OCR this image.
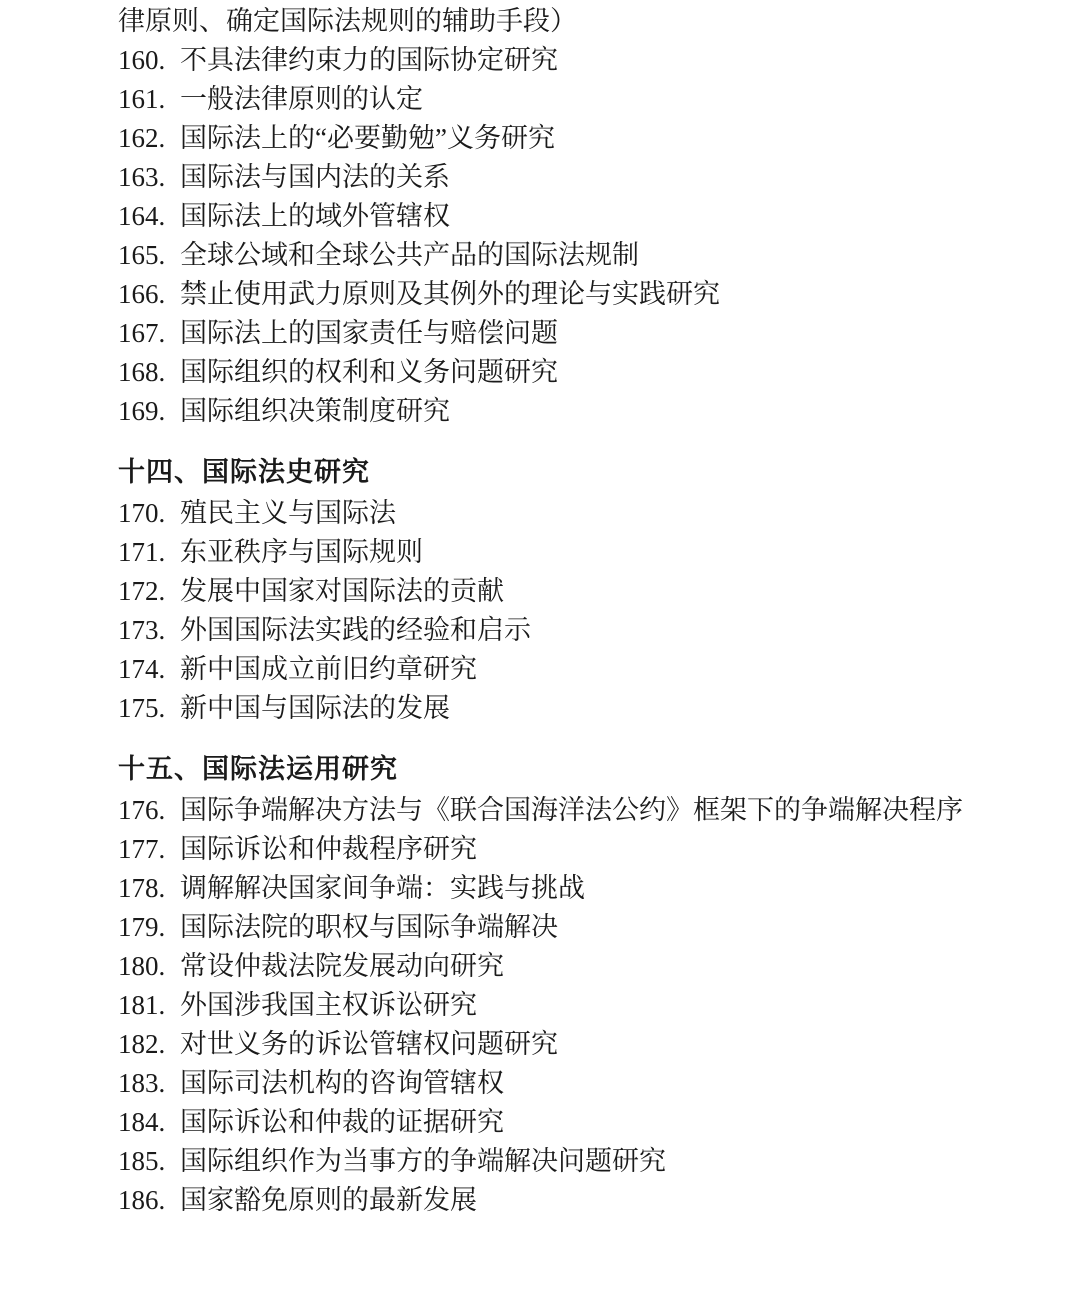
律原则、确定国际法规则的辅助手段）

160. 不具法律约束力的国际协定研究
161. 一般法律原则的认定
162. 国际法上的“必要勤勉”义务研究
163. 国际法与国内法的关系
164. 国际法上的域外管辖权
165. 全球公域和全球公共产品的国际法规制
166. 禁止使用武力原则及其例外的理论与实践研究
167. 国际法上的国家责任与赔偿问题
168. 国际组织的权利和义务问题研究
169. 国际组织决策制度研究

十四、国际法史研究

170. 殖民主义与国际法
171. 东亚秩序与国际规则
172. 发展中国家对国际法的贡献
173. 外国国际法实践的经验和启示
174. 新中国成立前旧约章研究
175. 新中国与国际法的发展

十五、国际法运用研究

176. 国际争端解决方法与《联合国海洋法公约》框架下的争端解决程序
177. 国际诉讼和仲裁程序研究
178. 调解解决国家间争端：实践与挑战
179. 国际法院的职权与国际争端解决
180. 常设仲裁法院发展动向研究
181. 外国涉我国主权诉讼研究
182. 对世义务的诉讼管辖权问题研究
183. 国际司法机构的咨询管辖权
184. 国际诉讼和仲裁的证据研究
185. 国际组织作为当事方的争端解决问题研究
186. 国家豁免原则的最新发展
